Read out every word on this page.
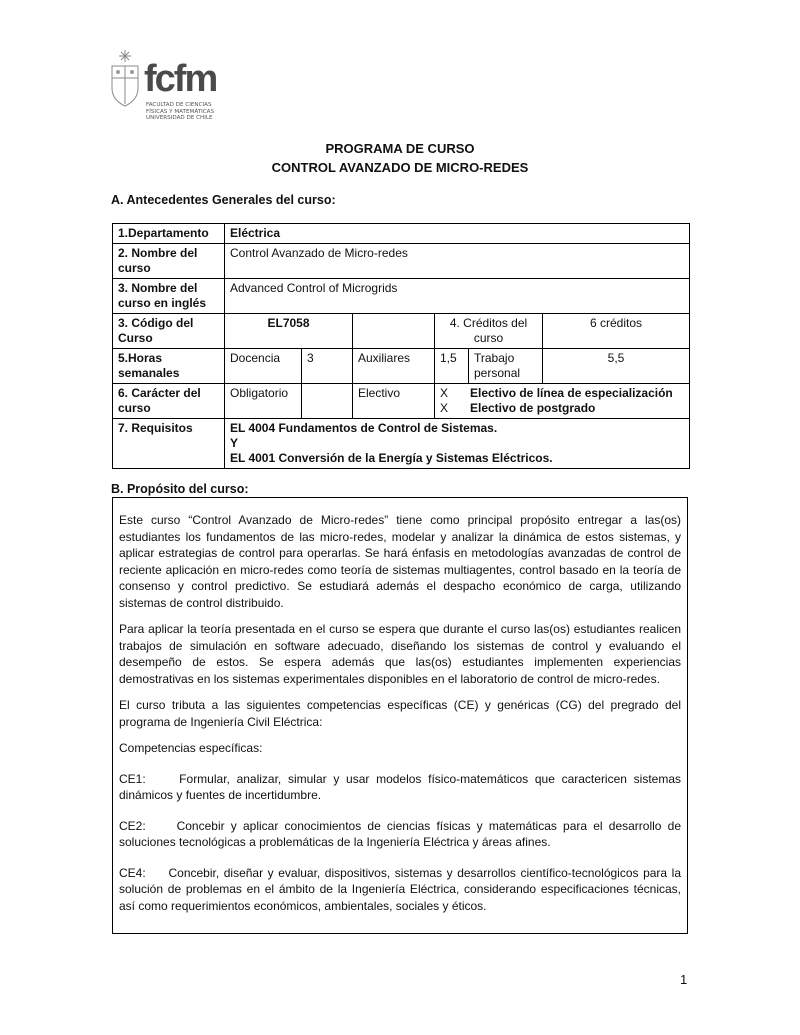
fcfm
FACULTAD DE CIENCIAS
FÍSICAS Y MATEMÁTICAS
UNIVERSIDAD DE CHILE
PROGRAMA DE CURSO
CONTROL AVANZADO DE MICRO-REDES
A. Antecedentes Generales del curso:
1.Departamento	Eléctrica					
2. Nombre del curso	Control Avanzado de Micro-redes					
3. Nombre del curso en inglés	Advanced Control of Microgrids					
3. Código del Curso	EL7058			4. Créditos del curso		6 créditos
5.Horas semanales	Docencia	3	Auxiliares	1,5	Trabajo personal	5,5
6. Carácter del curso	Obligatorio		Electivo	X Electivo de línea de especialización
X Electivo de postgrado		

7. Requisitos	EL 4004 Fundamentos de Control de Sistemas.
Y
EL 4001 Conversión de la Energía y Sistemas Eléctricos.					
B. Propósito del curso:

Este curso “Control Avanzado de Micro-redes” tiene como principal propósito entregar a las(os) estudiantes los fundamentos de las micro-redes, modelar y analizar la dinámica de estos sistemas, y aplicar estrategias de control para operarlas. Se hará énfasis en metodologías avanzadas de control de reciente aplicación en micro-redes como teoría de sistemas multiagentes, control basado en la teoría de consenso y control predictivo. Se estudiará además el despacho económico de carga, utilizando sistemas de control distribuido.

Para aplicar la teoría presentada en el curso se espera que durante el curso las(os) estudiantes realicen trabajos de simulación en software adecuado, diseñando los sistemas de control y evaluando el desempeño de estos. Se espera además que las(os) estudiantes implementen experiencias demostrativas en los sistemas experimentales disponibles en el laboratorio de control de micro-redes.

El curso tributa a las siguientes competencias específicas (CE) y genéricas (CG) del pregrado del programa de Ingeniería Civil Eléctrica:

Competencias específicas:

CE1:     Formular, analizar, simular y usar modelos físico-matemáticos que caractericen sistemas dinámicos y fuentes de incertidumbre.

CE2:     Concebir y aplicar conocimientos de ciencias físicas y matemáticas para el desarrollo de soluciones tecnológicas a problemáticas de la Ingeniería Eléctrica y áreas afines.

CE4:     Concebir, diseñar y evaluar, dispositivos, sistemas y desarrollos científico-tecnológicos para la solución de problemas en el ámbito de la Ingeniería Eléctrica, considerando especificaciones técnicas, así como requerimientos económicos, ambientales, sociales y éticos.

1
